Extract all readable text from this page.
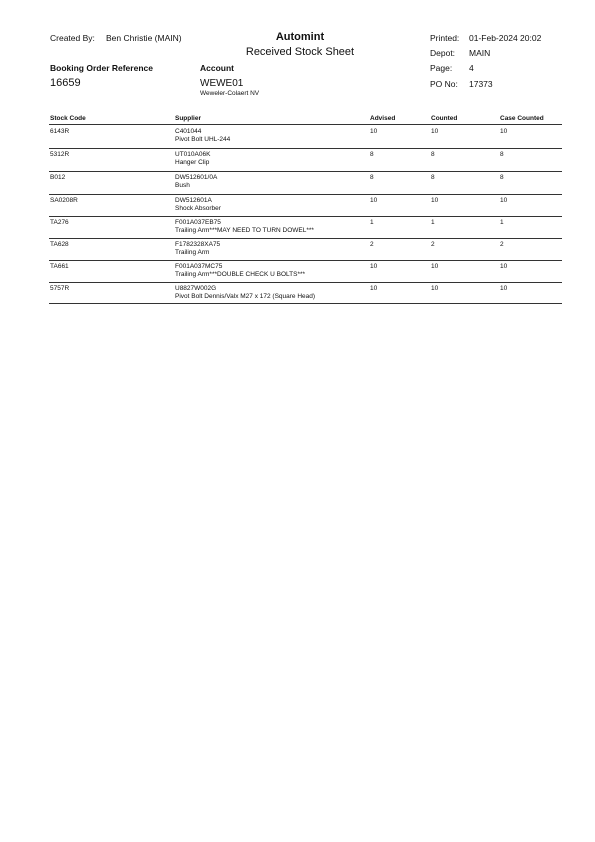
Created By: Ben Christie (MAIN)	Automint
Received Stock Sheet
Printed: 01-Feb-2024 20:02
Depot: MAIN
Page: 4
PO No: 17373
Booking Order Reference
16659
Account
WEWE01
Weweler-Colaert NV
Stock Code	Supplier	Advised	Counted	Case Counted
6143R	C401044
Pivot Bolt UHL-244
10	10	10
5312R	UT010A06K
Hanger Clip
8	8	8
B012	DW512601/0A
Bush
8	8	8
SA0208R	DW512601A
Shock Absorber
10	10	10
TA276	F001A037EB75
Trailing Arm***MAY NEED TO TURN DOWEL***
1	1	1
TA628	F1782328XA75
Trailing Arm
2	2	2
TA661	F001A037MC75
Trailing Arm***DOUBLE CHECK U BOLTS***
10	10	10
5757R	U8827W002G
Pivot Bolt Dennis/Valx M27 x 172 (Square Head)
10	10	10
